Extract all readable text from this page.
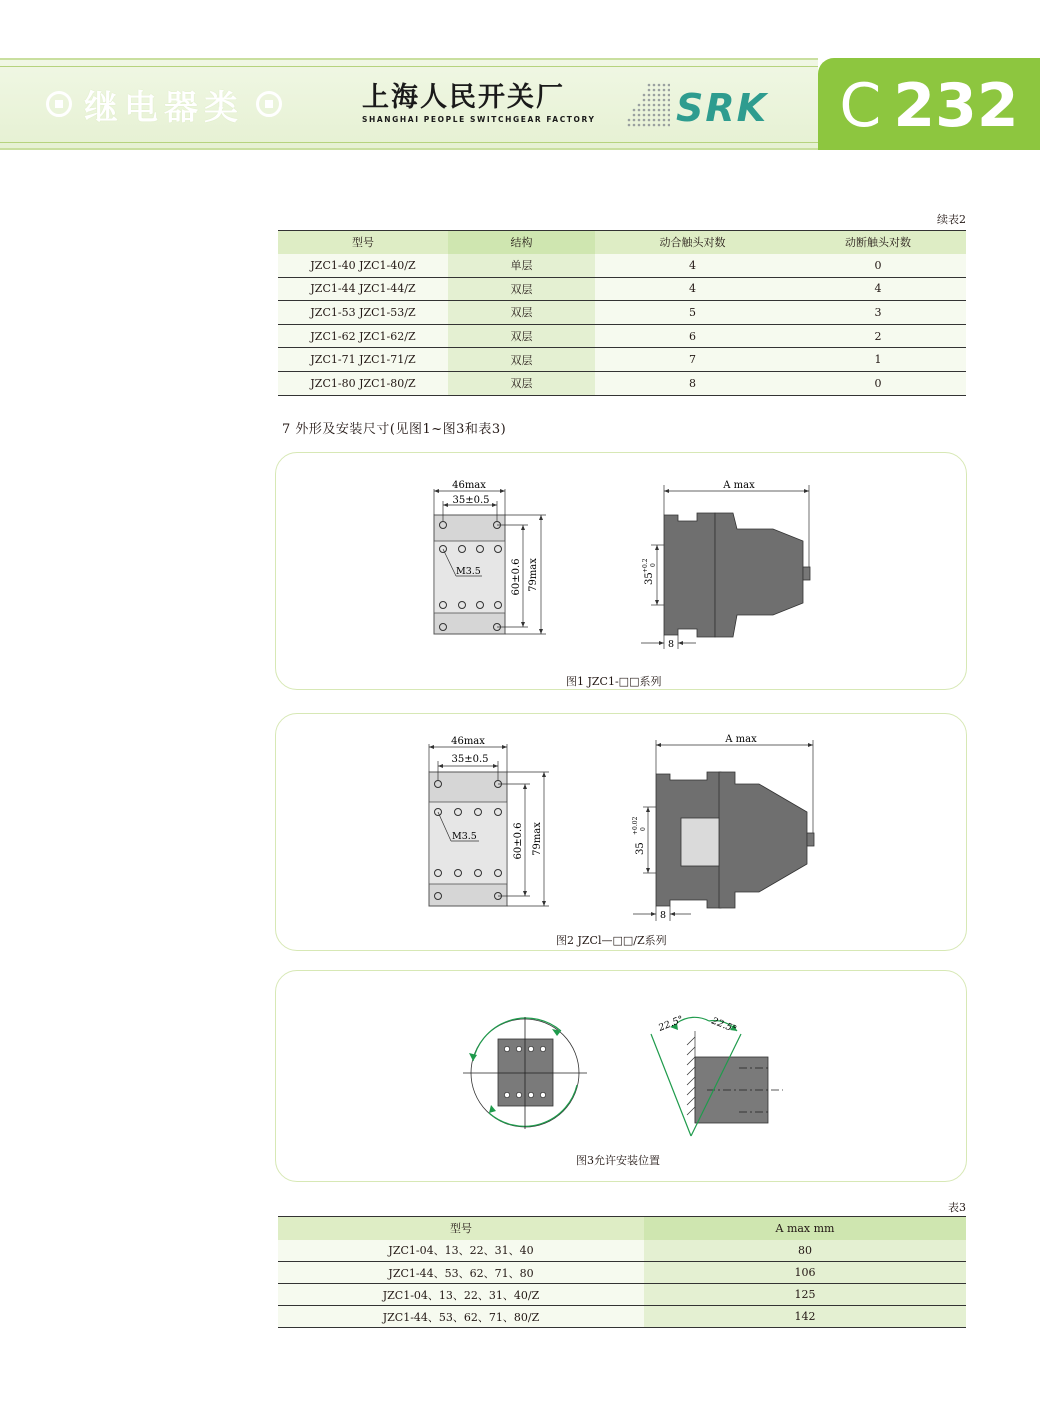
继电器类	上海人民开关厂
SHANGHAI PEOPLE SWITCHGEAR FACTORY SRK C 232
续表2
型号	结构	动合触头对数	动断触头对数
JZC1-40 JZC1-40/Z	单层	4	0
JZC1-44 JZC1-44/Z	双层	4	4
JZC1-53 JZC1-53/Z	双层	5	3
JZC1-62 JZC1-62/Z	双层	6	2
JZC1-71 JZC1-71/Z	双层	7	1
JZC1-80 JZC1-80/Z	双层	8	0
7 外形及安装尺寸(见图1~图3和表3)
46max
35±0.5
M3.5	60±0.6 79max
A max
35
+0.2 0
8
图1 JZC1-□□系列
46max
35±0.5
M3.5	60±0.6 79max
A max
35
+0.02 0
8
图2 JZCl—□□/Z系列
22.5°	22.5°
图3允许安装位置
表3
型号	A max mm
JZC1-04、13、22、31、40	80
JZC1-44、53、62、71、80	106
JZC1-04、13、22、31、40/Z	125
JZC1-44、53、62、71、80/Z	142
